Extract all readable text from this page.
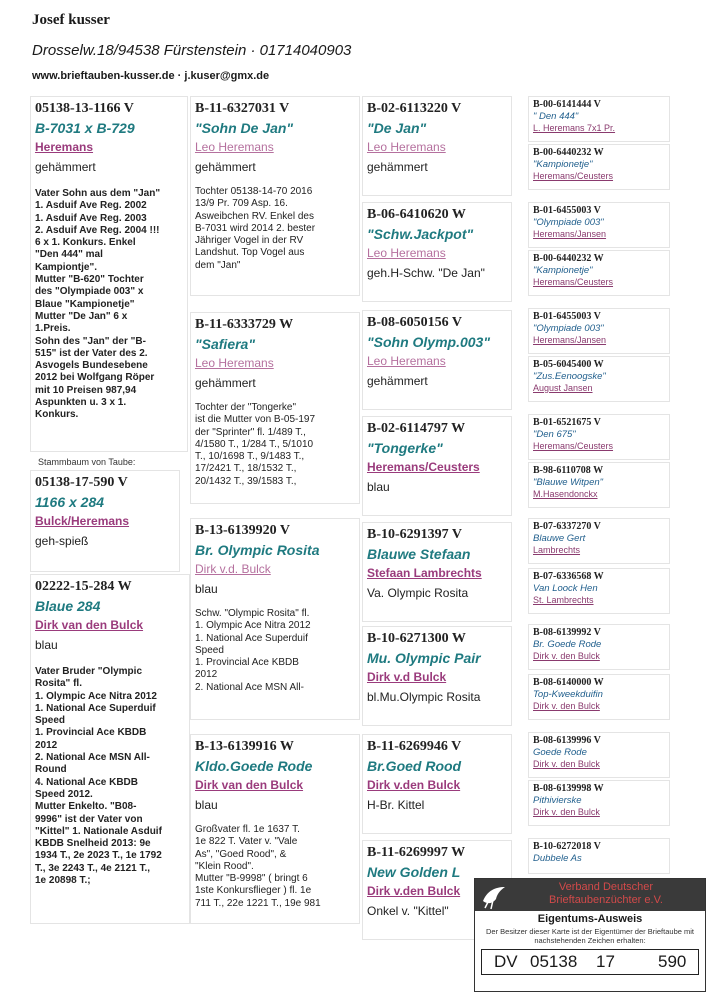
Josef kusser
Drosselw.18/94538 Fürstenstein · 01714040903
www.brieftauben-kusser.de · j.kuser@gmx.de
05138-13-1166 V
B-7031 x B-729
Heremans
gehämmert
Vater Sohn aus dem "Jan"
1. Asduif Ave Reg. 2002
1. Asduif Ave Reg. 2003
2. Asduif Ave Reg. 2004 !!!
6 x 1. Konkurs. Enkel
"Den 444" mal
Kampiontje".
Mutter "B-620" Tochter
des "Olympiade 003" x
Blaue "Kampionetje"
Mutter "De Jan" 6 x
1.Preis.
Sohn des "Jan" der "B-
515" ist der Vater des 2.
Asvogels Bundesebene
2012 bei Wolfgang Röper
mit 10 Preisen 987,94
Aspunkten u. 3 x 1.
Konkurs.
Stammbaum von Taube:
05138-17-590 V
1166 x 284
Bulck/Heremans
geh-spieß
02222-15-284 W
Blaue 284
Dirk van den Bulck
blau
Vater Bruder "Olympic
Rosita" fl.
1. Olympic Ace Nitra 2012
1. National Ace Superduif
Speed
1. Provincial Ace KBDB
2012
2. National Ace MSN All-
Round
4. National Ace KBDB
Speed 2012.
Mutter Enkelto. "B08-
9996" ist der Vater von
"Kittel" 1. Nationale Asduif
KBDB Snelheid 2013: 9e
1934 T., 2e 2023 T., 1e 1792
T., 3e 2243 T., 4e 2121 T.,
1e 20898 T.;
B-11-6327031 V
"Sohn De Jan"
Leo Heremans
gehämmert
Tochter 05138-14-70 2016
13/9 Pr. 709 Asp. 16.
Asweibchen RV. Enkel des
B-7031 wird 2014 2. bester
Jähriger Vogel in der RV
Landshut. Top Vogel aus
dem "Jan"
B-11-6333729 W
"Safiera"
Leo Heremans
gehämmert
Tochter der "Tongerke"
ist die Mutter von B-05-197
der "Sprinter" fl. 1/489 T.,
4/1580 T., 1/284 T., 5/1010
T., 10/1698 T., 9/1483 T.,
17/2421 T., 18/1532 T.,
20/1432 T., 39/1583 T.,
B-13-6139920 V
Br. Olympic Rosita
Dirk v.d. Bulck
blau
Schw. "Olympic Rosita" fl.
1. Olympic Ace Nitra 2012
1. National Ace Superduif
Speed
1. Provincial Ace KBDB
2012
2. National Ace MSN All-
B-13-6139916 W
Kldo.Goede Rode
Dirk van den Bulck
blau
Großvater fl. 1e 1637 T.
1e 822 T. Vater v. "Vale
As", "Goed Rood", &
"Klein Rood".
Mutter "B-9998" ( bringt 6
1ste Konkursflieger ) fl. 1e
711 T., 22e 1221 T., 19e 981
B-02-6113220 V
"De Jan"
Leo Heremans
gehämmert
B-06-6410620 W
"Schw.Jackpot"
Leo Heremans
geh.H-Schw. "De Jan"
B-08-6050156 V
"Sohn Olymp.003"
Leo Heremans
gehämmert
B-02-6114797 W
"Tongerke"
Heremans/Ceusters
blau
B-10-6291397 V
Blauwe Stefaan
Stefaan Lambrechts
Va. Olympic Rosita
B-10-6271300 W
Mu. Olympic Pair
Dirk v.d Bulck
bl.Mu.Olympic Rosita
B-11-6269946 V
Br.Goed Rood
Dirk v.den Bulck
H-Br. Kittel
B-11-6269997 W
New Golden L
Dirk v.den Bulck
Onkel v. "Kittel"
B-00-6141444 V
" Den 444"
L. Heremans 7x1 Pr.
B-00-6440232 W
"Kampionetje"
Heremans/Ceusters
B-01-6455003 V
"Olympiade 003"
Heremans/Jansen
B-00-6440232 W
"Kampionetje"
Heremans/Ceusters
B-01-6455003 V
"Olympiade 003"
Heremans/Jansen
B-05-6045400 W
"Zus.Eenoogske"
August Jansen
B-01-6521675 V
"Den 675"
Heremans/Ceusters
B-98-6110708 W
"Blauwe Witpen"
M.Hasendonckx
B-07-6337270 V
Blauwe Gert
Lambrechts
B-07-6336568 W
Van Loock Hen
St. Lambrechts
B-08-6139992 V
Br. Goede Rode
Dirk v. den Bulck
B-08-6140000 W
Top-Kweekduifin
Dirk v. den Bulck
B-08-6139996 V
Goede Rode
Dirk v. den Bulck
B-08-6139998 W
Pithivierske
Dirk v. den Bulck
B-10-6272018 V
Dubbele As
Verband Deutscher
Brieftaubenzüchter e.V.
Eigentums-Ausweis
Der Besitzer dieser Karte ist der Eigentümer der Brieftaube mit nachstehenden Zeichen erhalten:
DV 05138 17	590
